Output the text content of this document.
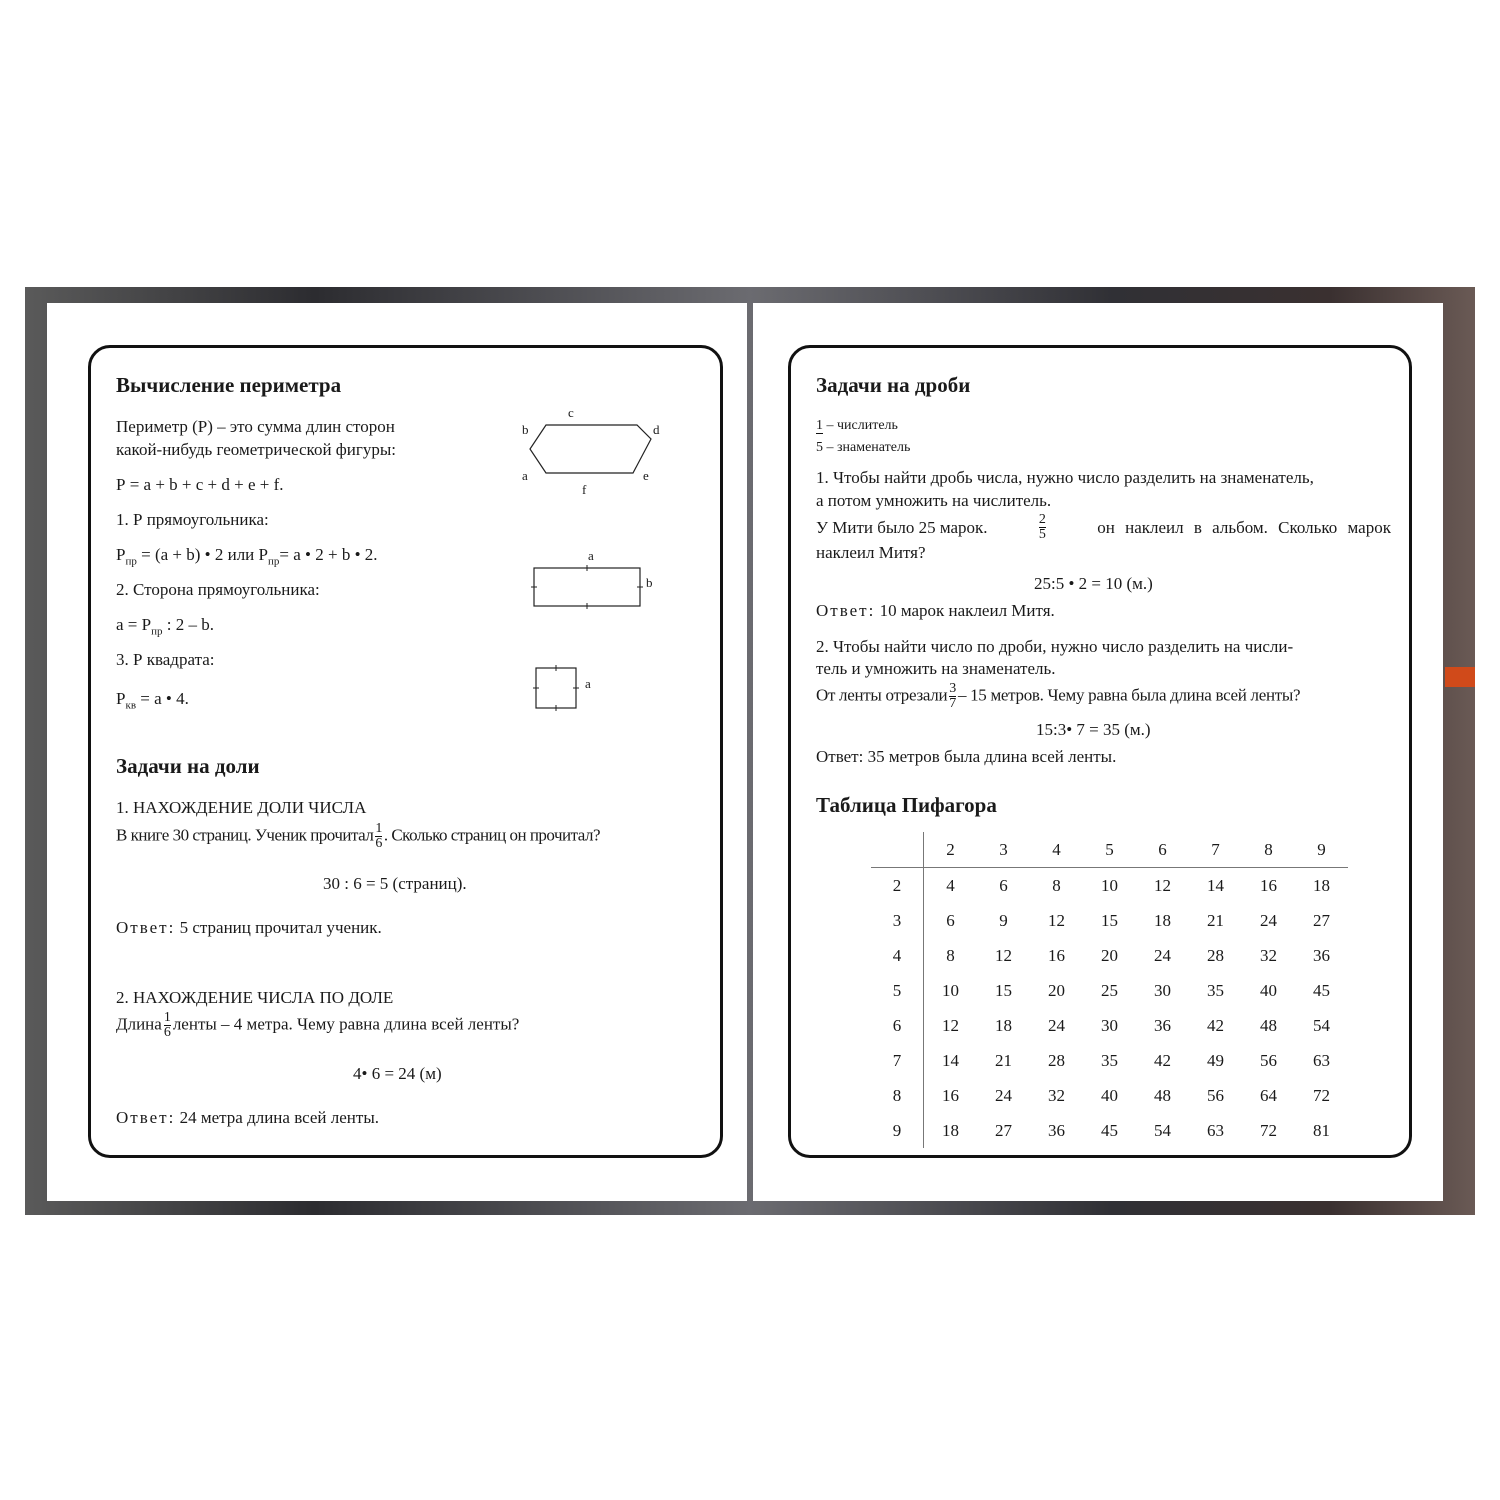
Вычисление периметра
Периметр (Р) – это сумма длин сторон
какой-нибудь геометрической фигуры:
Р = a + b + c + d + e + f.
1. Р прямоугольника:
$Р_{пр} = (a + b)$ • 2 или $Р_{пр}= a$ • 2 + b • 2.
2. Сторона прямоугольника:
$a = Р_{пр}$ : 2 – b.
3. Р квадрата:
$Р_{кв} = a$ • 4.
c
b	d
a	e
f
a
b
a
Задачи на доли
1. НАХОЖДЕНИЕ ДОЛИ ЧИСЛА
В книге 30 страниц. Ученик прочитал $\frac{1}{6}$ . Сколько страниц он прочитал?
30 : 6 = 5 (страниц).
Ответ: 5 страниц прочитал ученик.
2. НАХОЖДЕНИЕ ЧИСЛА ПО ДОЛЕ
Длина $\frac{1}{6}$ ленты – 4 метра. Чему равна длина всей ленты?
4• 6 = 24 (м)
Ответ: 24 метра длина всей ленты.
Задачи на дроби
1 – числитель
5 – знаменатель
1. Чтобы найти дробь числа, нужно число разделить на знаменатель,
а потом умножить на числитель.
У Мити было 25 марок.	2
5	он наклеил в альбом. Сколько марок
наклеил Митя?
25:5 • 2 = 10 (м.)
Ответ: 10 марок наклеил Митя.
2. Чтобы найти число по дроби, нужно число разделить на числи-
тель и умножить на знаменатель.
От ленты отрезали $\frac{3}{7} - 15$ метров. Чему равна была длина всей ленты?
15:3• 7 = 35 (м.)
Ответ: 35 метров была длина всей ленты.
Таблица Пифагора
	2	3	4	5	6	7	8	9
2	4	6	8	10	12	14	16	18
3	6	9	12	15	18	21	24	27
4	8	12	16	20	24	28	32	36
5	10	15	20	25	30	35	40	45
6	12	18	24	30	36	42	48	54
7	14	21	28	35	42	49	56	63
8	16	24	32	40	48	56	64	72
9	18	27	36	45	54	63	72	81
